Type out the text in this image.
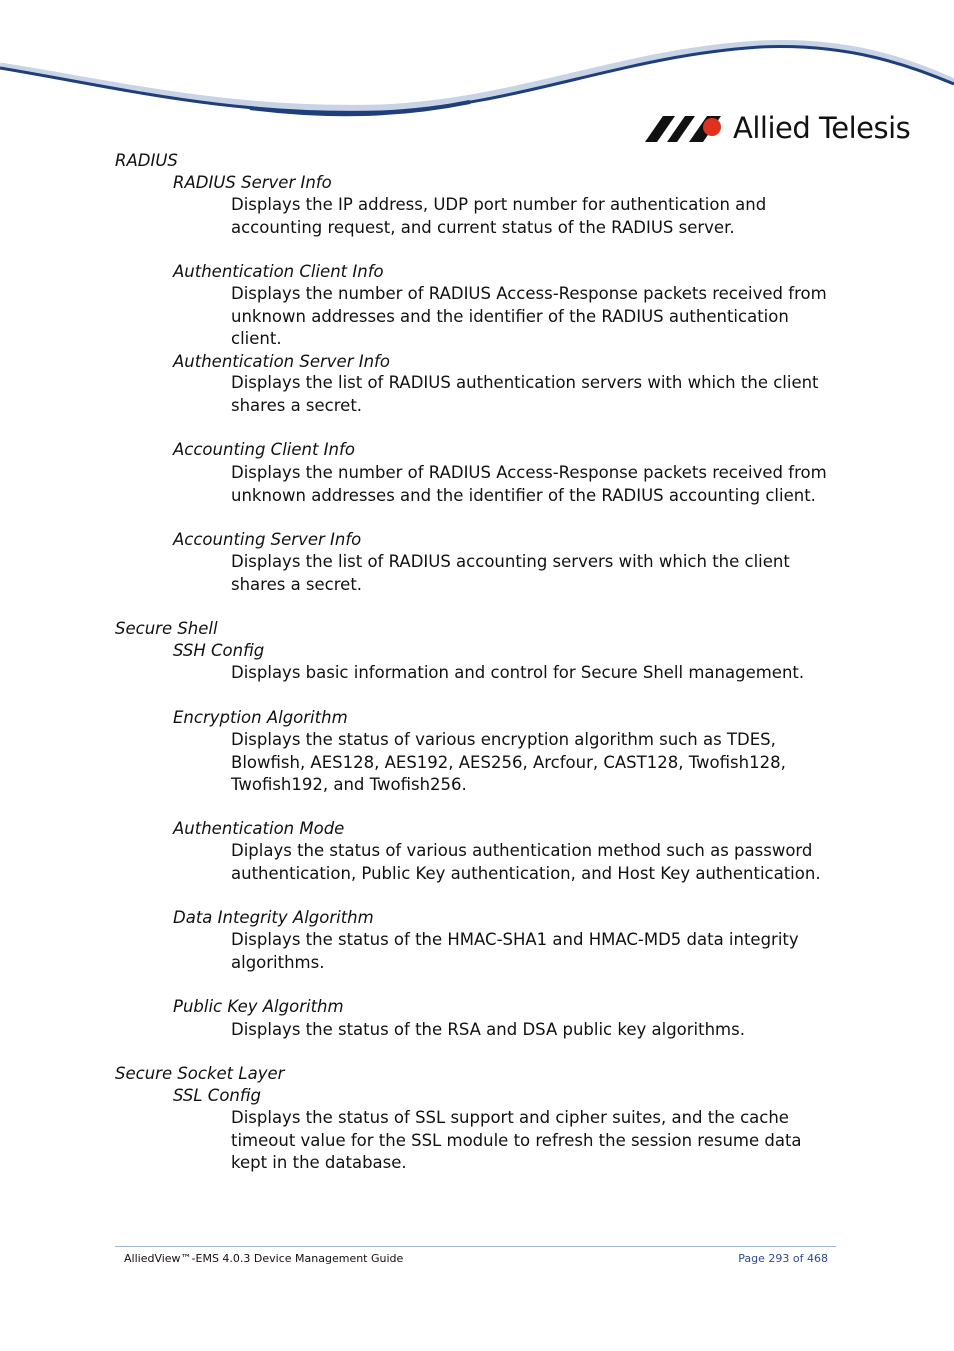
Allied Telesis
RADIUS
RADIUS Server Info
Displays the IP address, UDP port number for authentication and accounting request, and current status of the RADIUS server.
Authentication Client Info
Displays the number of RADIUS Access-Response packets received from unknown addresses and the identifier of the RADIUS authentication client.
Authentication Server Info
Displays the list of RADIUS authentication servers with which the client shares a secret.
Accounting Client Info
Displays the number of RADIUS Access-Response packets received from unknown addresses and the identifier of the RADIUS accounting client.
Accounting Server Info
Displays the list of RADIUS accounting servers with which the client shares a secret.
Secure Shell
SSH Config
Displays basic information and control for Secure Shell management.
Encryption Algorithm
Displays the status of various encryption algorithm such as TDES, Blowfish, AES128, AES192, AES256, Arcfour, CAST128, Twofish128, Twofish192, and Twofish256.
Authentication Mode
Diplays the status of various authentication method such as password authentication, Public Key authentication, and Host Key authentication.
Data Integrity Algorithm
Displays the status of the HMAC-SHA1 and HMAC-MD5 data integrity algorithms.
Public Key Algorithm
Displays the status of the RSA and DSA public key algorithms.
Secure Socket Layer
SSL Config
Displays the status of SSL support and cipher suites, and the cache timeout value for the SSL module to refresh the session resume data kept in the database.
AlliedView™-EMS 4.0.3 Device Management Guide	Page 293 of 468
